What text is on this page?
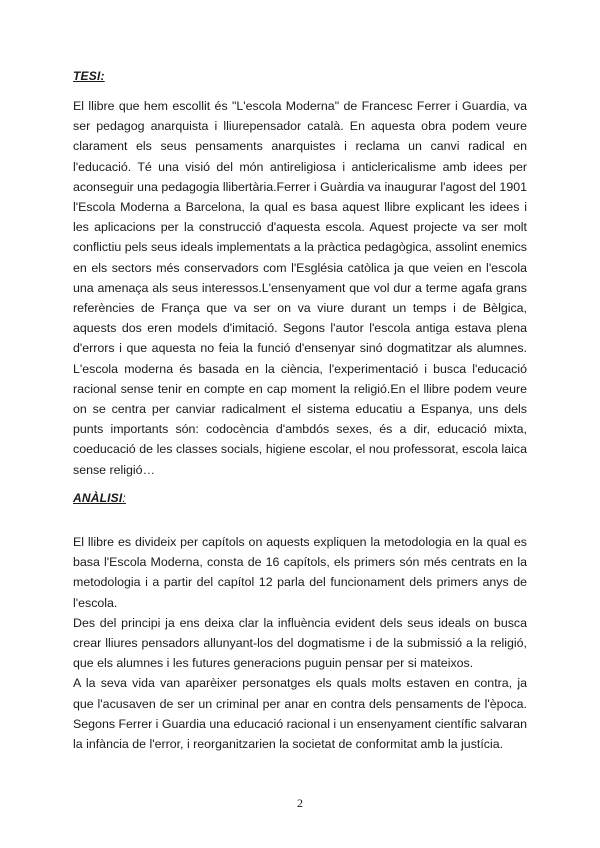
TESI:

El llibre que hem escollit és "L'escola Moderna" de Francesc Ferrer i Guardia, va ser pedagog anarquista i lliurepensador català. En aquesta obra podem veure clarament els seus pensaments anarquistes i reclama un canvi radical en l'educació. Té una visió del món antireligiosa i anticlericalisme amb idees per aconseguir una pedagogia llibertària.Ferrer i Guàrdia va inaugurar l'agost del 1901 l'Escola Moderna a Barcelona, la qual es basa aquest llibre explicant les idees i les aplicacions per la construcció d'aquesta escola. Aquest projecte va ser molt conflictiu pels seus ideals implementats a la pràctica pedagògica, assolint enemics en els sectors més conservadors com l'Església catòlica ja que veien en l'escola una amenaça als seus interessos.L'ensenyament que vol dur a terme agafa grans referències de França que va ser on va viure durant un temps i de Bèlgica, aquests dos eren models d'imitació. Segons l'autor l'escola antiga estava plena d'errors i que aquesta no feia la funció d'ensenyar sinó dogmatitzar als alumnes. L'escola moderna és basada en la ciència, l'experimentació i busca l'educació racional sense tenir en compte en cap moment la religió.En el llibre podem veure on se centra per canviar radicalment el sistema educatiu a Espanya, uns dels punts importants són: codocència d'ambdós sexes, és a dir, educació mixta, coeducació de les classes socials, higiene escolar, el nou professorat, escola laica sense religió…

ANÀLISI:

El llibre es divideix per capítols on aquests expliquen la metodologia en la qual es basa l'Escola Moderna, consta de 16 capítols, els primers són més centrats en la metodologia i a partir del capítol 12 parla del funcionament dels primers anys de l'escola.

Des del principi ja ens deixa clar la influència evident dels seus ideals on busca crear lliures pensadors allunyant-los del dogmatisme i de la submissió a la religió, que els alumnes i les futures generacions puguin pensar per si mateixos.

A la seva vida van aparèixer personatges els quals molts estaven en contra, ja que l'acusaven de ser un criminal per anar en contra dels pensaments de l'època. Segons Ferrer i Guardia una educació racional i un ensenyament científic salvaran la infància de l'error, i reorganitzarien la societat de conformitat amb la justícia.

2
